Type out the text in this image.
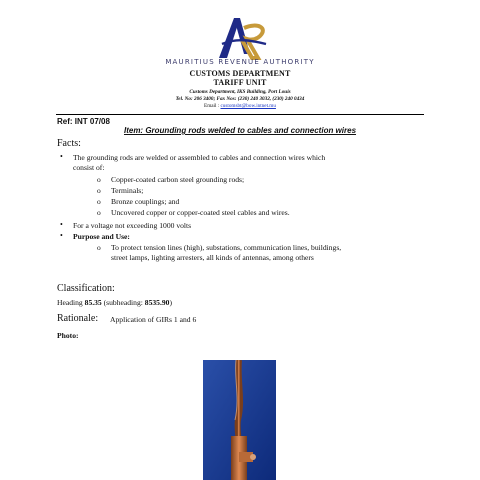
MAURITIUS REVENUE AUTHORITY
CUSTOMS DEPARTMENT
TARIFF UNIT
Customs Department, IKS Building, Port Louis
Tel. No: 206 3400; Fax Nos: (230) 240 3032, (230) 240 0434
Email : customsbt@bow.intnet.mu
Ref: INT 07/08
Item: Grounding rods welded to cables and connection wires
Facts:
• The grounding rods are welded or assembled to cables and connection wires which
consist of:
o Copper-coated carbon steel grounding rods;
o Terminals;
o Bronze couplings; and
o Uncovered copper or copper-coated steel cables and wires.
• For a voltage not exceeding 1000 volts
• Purpose and Use:
o To protect tension lines (high), substations, communication lines, buildings,
street lamps, lighting arresters, all kinds of antennas, among others
Classification:
Heading 85.35 (subheading: 8535.90)
Rationale: Application of GIRs 1 and 6
Photo:
